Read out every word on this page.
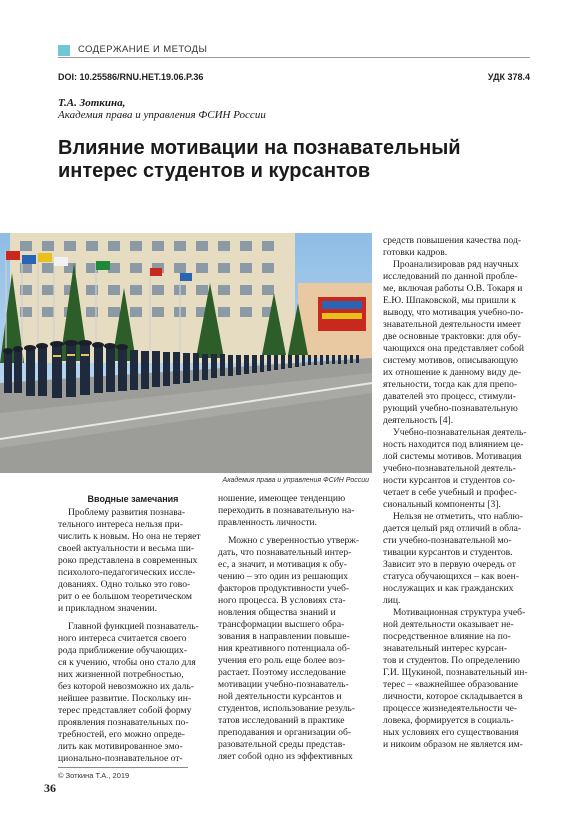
СОДЕРЖАНИЕ И МЕТОДЫ
DOI: 10.25586/RNU.HET.19.06.P.36	УДК 378.4
Т.А. Зоткина,
Академия права и управления ФСИН России
Влияние мотивации на познавательный
интерес студентов и курсантов
Академия права и управления ФСИН России

Вводные замечания

Проблему развития познава-

тельного интереса нельзя при-

числить к новым. Но она не теряет

своей актуальности и весьма ши-

роко представлена в современных

психолого-педагогических иссле-

дованиях. Одно только это гово-

рит о ее большом теоретическом

и прикладном значении.

Главной функцией познаватель-

ного интереса считается своего

рода приближение обучающих-

ся к учению, чтобы оно стало для

них жизненной потребностью,

без которой невозможно их даль-

нейшее развитие. Поскольку ин-

терес представляет собой форму

проявления познавательных по-

требностей, его можно опреде-

лить как мотивированное эмо-

ционально-познавательное от-

ношение, имеющее тенденцию

переходить в познавательную на-

правленность личности.

Можно с уверенностью утверж-

дать, что познавательный интер-

ес, а значит, и мотивация к обу-

чению – это один из решающих

факторов продуктивности учеб-

ного процесса. В условиях ста-

новления общества знаний и

трансформации высшего обра-

зования в направлении повыше-

ния креативного потенциала об-

учения его роль еще более воз-

растает. Поэтому исследование

мотивации учебно-познаватель-

ной деятельности курсантов и

студентов, использование резуль-

татов исследований в практике

преподавания и организации об-

разовательной среды представ-

ляет собой одно из эффективных

средств повышения качества под-

готовки кадров.

Проанализировав ряд научных

исследований по данной пробле-

ме, включая работы О.В. Токаря и

Е.Ю. Шпаковской, мы пришли к

выводу, что мотивация учебно-по-

знавательной деятельности имеет

две основные трактовки: для обу-

чающихся она представляет собой

систему мотивов, описывающую

их отношение к данному виду де-

ятельности, тогда как для препо-

давателей это процесс, стимули-

рующий учебно-познавательную

деятельность [4].

Учебно-познавательная деятель-

ность находится под влиянием це-

лой системы мотивов. Мотивация

учебно-познавательной деятель-

ности курсантов и студентов со-

четает в себе учебный и профес-

сиональный компоненты [3].

Нельзя не отметить, что наблю-

дается целый ряд отличий в обла-

сти учебно-познавательной мо-

тивации курсантов и студентов.

Зависит это в первую очередь от

статуса обучающихся – как воен-

нослужащих и как гражданских

лиц.

Мотивационная структура учеб-

ной деятельности оказывает не-

посредственное влияние на по-

знавательный интерес курсан-

тов и студентов. По определению

Г.И. Щукиной, познавательный ин-

терес – «важнейшее образование

личности, которое складывается в

процессе жизнедеятельности че-

ловека, формируется в социаль-

ных условиях его существования

и никоим образом не является им-

© Зоткина Т.А., 2019
36
